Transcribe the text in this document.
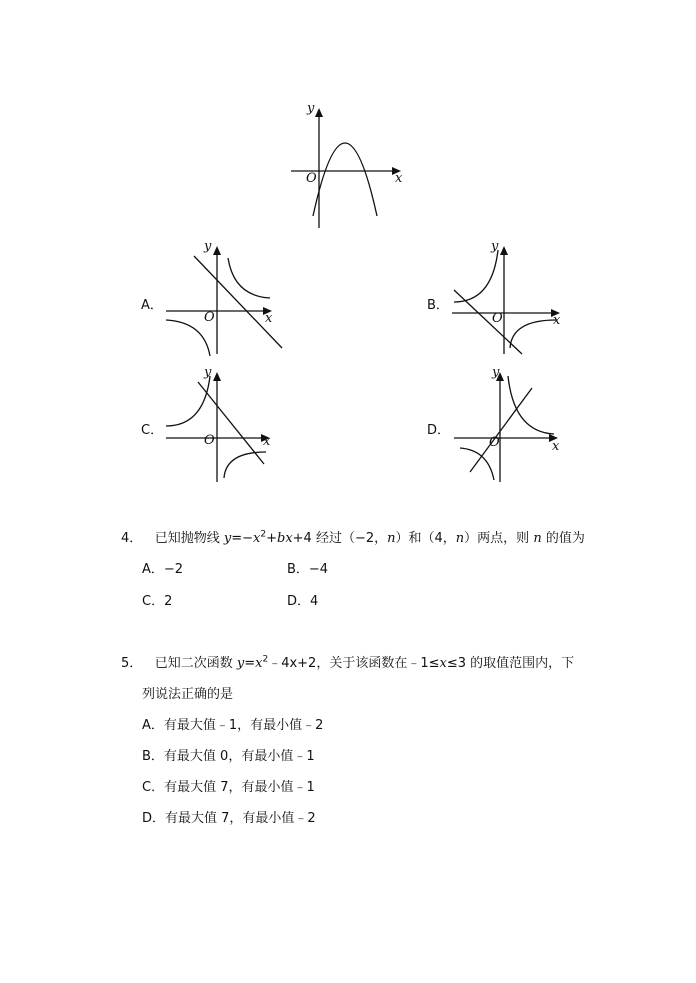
y
x
O
A．
y
x
O
B．
y
x
O
C．
y
x
O
D．
y
x
O
4． 已知抛物线 $y=-x^2+bx+4$ 经过（−2，n）和（4，n）两点，则 n 的值为
A．−2	B．−4
C．2	D．4
5． 已知二次函数 $y=x^2﹣4x+2$，关于该函数在﹣1≤x≤3 的取值范围内，下
列说法正确的是
A．有最大值﹣1，有最小值﹣2
B．有最大值 0，有最小值﹣1
C．有最大值 7，有最小值﹣1
D．有最大值 7，有最小值﹣2
